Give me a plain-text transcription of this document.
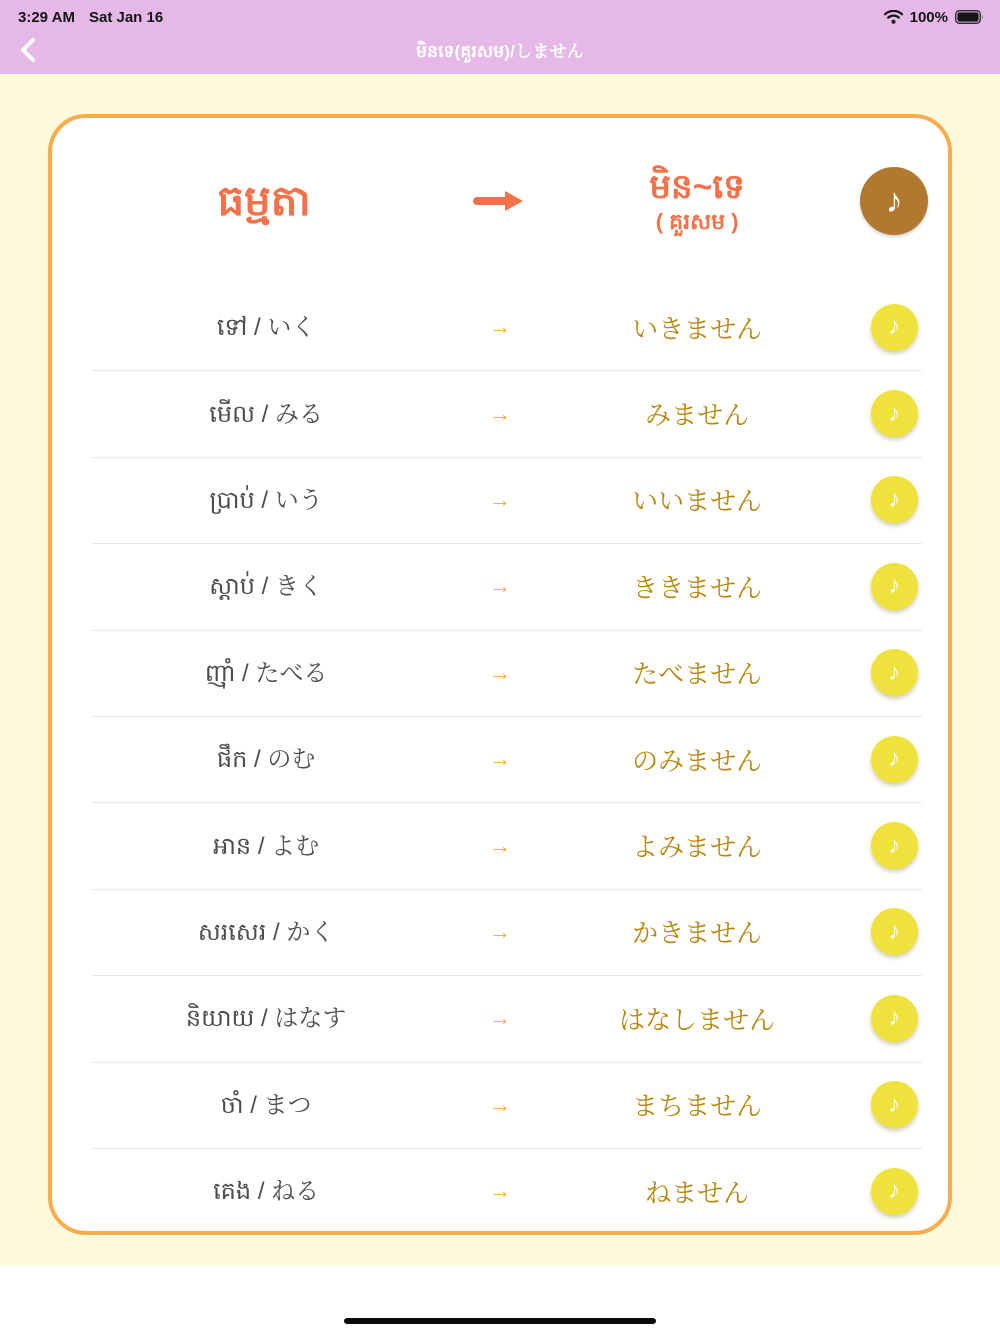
3:29 AM Sat Jan 16	100%
មិនទេ(គួរសម)/しません
ធម្មតា	មិន~ទេ
( គួរសម )
♪
ទៅ / いく	→	いきません	♪
មើល / みる	→	みません	♪
ប្រាប់ / いう	→	いいません	♪
ស្តាប់ / きく	→	ききません	♪
ញ៉ាំ / たべる	→	たべません	♪
ផឹក / のむ	→	のみません	♪
អាន / よむ	→	よみません	♪
សរសេរ / かく	→	かきません	♪
និយាយ / はなす	→	はなしません	♪
ចាំ / まつ	→	まちません	♪
គេង / ねる	→	ねません	♪
